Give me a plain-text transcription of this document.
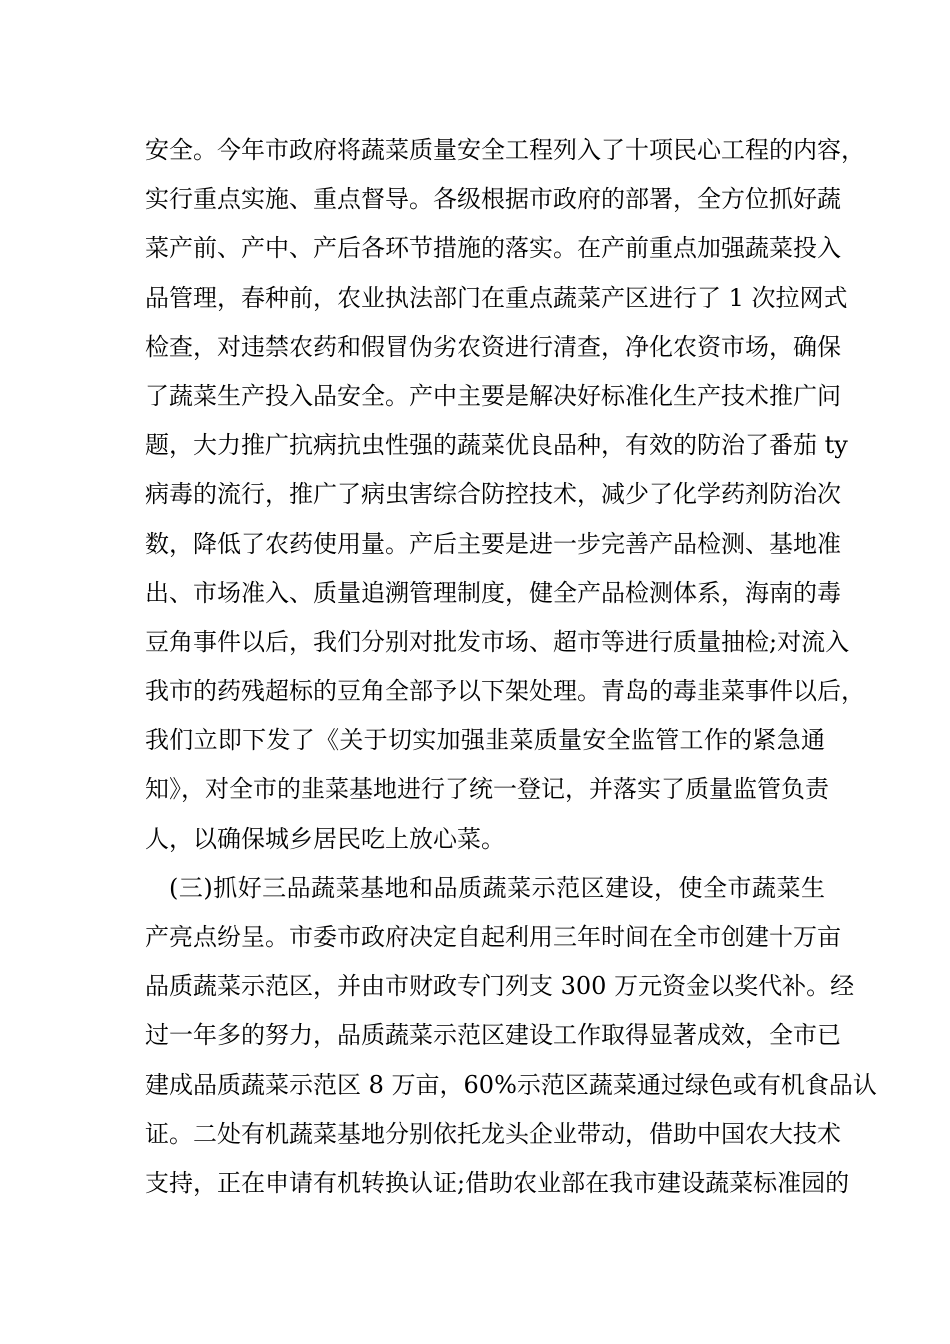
安全。今年市政府将蔬菜质量安全工程列入了十项民心工程的内容，
实行重点实施、重点督导。各级根据市政府的部署，全方位抓好蔬
菜产前、产中、产后各环节措施的落实。在产前重点加强蔬菜投入
品管理，春种前，农业执法部门在重点蔬菜产区进行了 1 次拉网式
检查，对违禁农药和假冒伪劣农资进行清查，净化农资市场，确保
了蔬菜生产投入品安全。产中主要是解决好标准化生产技术推广问
题，大力推广抗病抗虫性强的蔬菜优良品种，有效的防治了番茄 ty
病毒的流行，推广了病虫害综合防控技术，减少了化学药剂防治次
数，降低了农药使用量。产后主要是进一步完善产品检测、基地准
出、市场准入、质量追溯管理制度，健全产品检测体系，海南的毒
豆角事件以后，我们分别对批发市场、超市等进行质量抽检;对流入
我市的药残超标的豆角全部予以下架处理。青岛的毒韭菜事件以后，
我们立即下发了《关于切实加强韭菜质量安全监管工作的紧急通
知》，对全市的韭菜基地进行了统一登记，并落实了质量监管负责
人，以确保城乡居民吃上放心菜。
(三)抓好三品蔬菜基地和品质蔬菜示范区建设，使全市蔬菜生
产亮点纷呈。市委市政府决定自起利用三年时间在全市创建十万亩
品质蔬菜示范区，并由市财政专门列支 300 万元资金以奖代补。经
过一年多的努力，品质蔬菜示范区建设工作取得显著成效，全市已
建成品质蔬菜示范区 8 万亩，60%示范区蔬菜通过绿色或有机食品认
证。二处有机蔬菜基地分别依托龙头企业带动，借助中国农大技术
支持，正在申请有机转换认证;借助农业部在我市建设蔬菜标准园的
